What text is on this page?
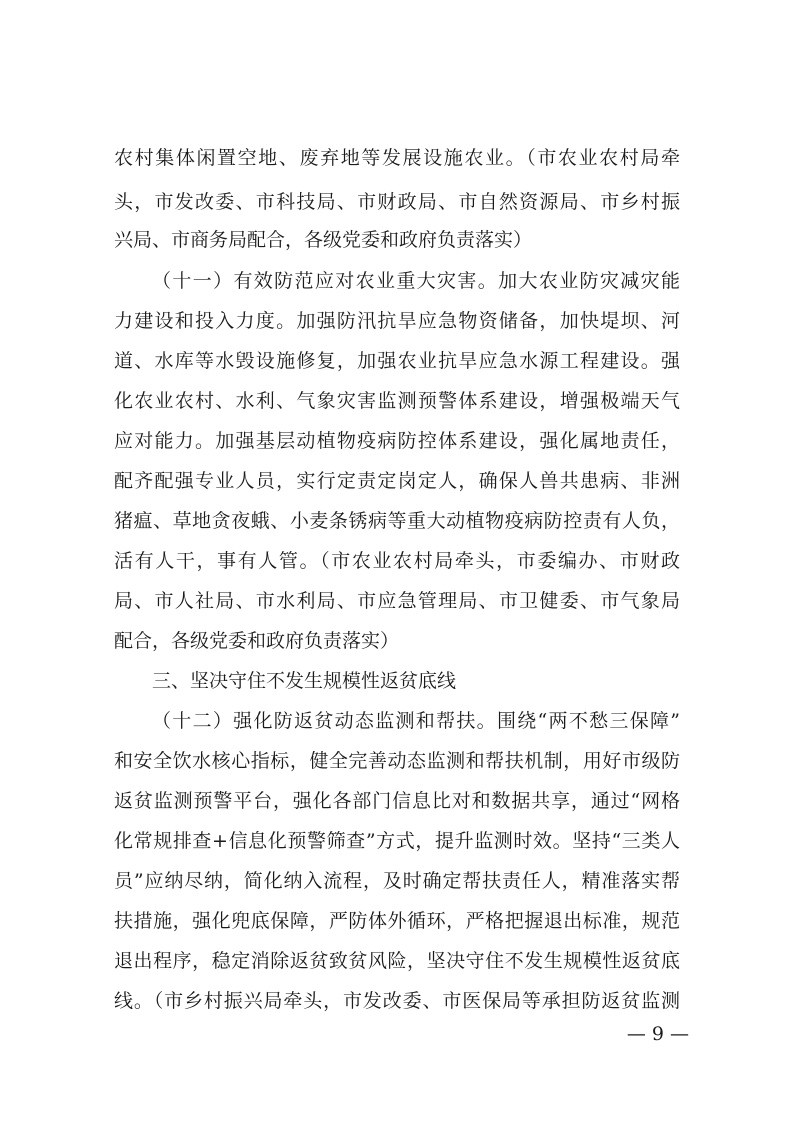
农村集体闲置空地、废弃地等发展设施农业。（市农业农村局牵
头，市发改委、市科技局、市财政局、市自然资源局、市乡村振
兴局、市商务局配合，各级党委和政府负责落实）
（十一）有效防范应对农业重大灾害。加大农业防灾减灾能
力建设和投入力度。加强防汛抗旱应急物资储备，加快堤坝、河
道、水库等水毁设施修复，加强农业抗旱应急水源工程建设。强
化农业农村、水利、气象灾害监测预警体系建设，增强极端天气
应对能力。加强基层动植物疫病防控体系建设，强化属地责任，
配齐配强专业人员，实行定责定岗定人，确保人兽共患病、非洲
猪瘟、草地贪夜蛾、小麦条锈病等重大动植物疫病防控责有人负，
活有人干，事有人管。（市农业农村局牵头，市委编办、市财政
局、市人社局、市水利局、市应急管理局、市卫健委、市气象局
配合，各级党委和政府负责落实）
三、坚决守住不发生规模性返贫底线
（十二）强化防返贫动态监测和帮扶。围绕“两不愁三保障”
和安全饮水核心指标，健全完善动态监测和帮扶机制，用好市级防
返贫监测预警平台，强化各部门信息比对和数据共享，通过“网格
化常规排查+信息化预警筛查”方式，提升监测时效。坚持“三类人
员”应纳尽纳，简化纳入流程，及时确定帮扶责任人，精准落实帮
扶措施，强化兜底保障，严防体外循环，严格把握退出标准，规范
退出程序，稳定消除返贫致贫风险，坚决守住不发生规模性返贫底
线。（市乡村振兴局牵头，市发改委、市医保局等承担防返贫监测
— 9 —
